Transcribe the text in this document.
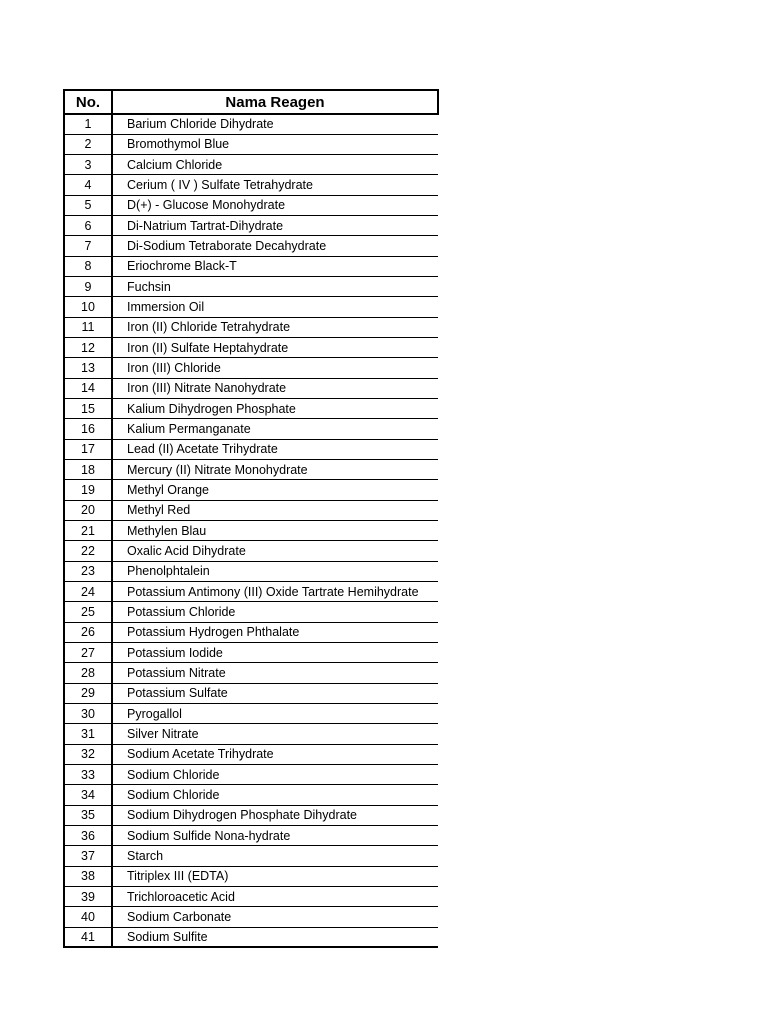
No.	Nama Reagen
1	Barium Chloride Dihydrate
2	Bromothymol Blue
3	Calcium Chloride
4	Cerium ( IV ) Sulfate Tetrahydrate
5	D(+) - Glucose Monohydrate
6	Di-Natrium Tartrat-Dihydrate
7	Di-Sodium Tetraborate Decahydrate
8	Eriochrome Black-T
9	Fuchsin
10	Immersion Oil
11	Iron (II) Chloride Tetrahydrate
12	Iron (II) Sulfate Heptahydrate
13	Iron (III) Chloride
14	Iron (III) Nitrate Nanohydrate
15	Kalium Dihydrogen Phosphate
16	Kalium Permanganate
17	Lead (II) Acetate Trihydrate
18	Mercury (II) Nitrate Monohydrate
19	Methyl Orange
20	Methyl Red
21	Methylen Blau
22	Oxalic Acid Dihydrate
23	Phenolphtalein
24	Potassium Antimony (III) Oxide Tartrate Hemihydrate
25	Potassium Chloride
26	Potassium Hydrogen Phthalate
27	Potassium Iodide
28	Potassium Nitrate
29	Potassium Sulfate
30	Pyrogallol
31	Silver Nitrate
32	Sodium Acetate Trihydrate
33	Sodium Chloride
34	Sodium Chloride
35	Sodium Dihydrogen Phosphate Dihydrate
36	Sodium Sulfide Nona-hydrate
37	Starch
38	Titriplex III (EDTA)
39	Trichloroacetic Acid
40	Sodium Carbonate
41	Sodium Sulfite
